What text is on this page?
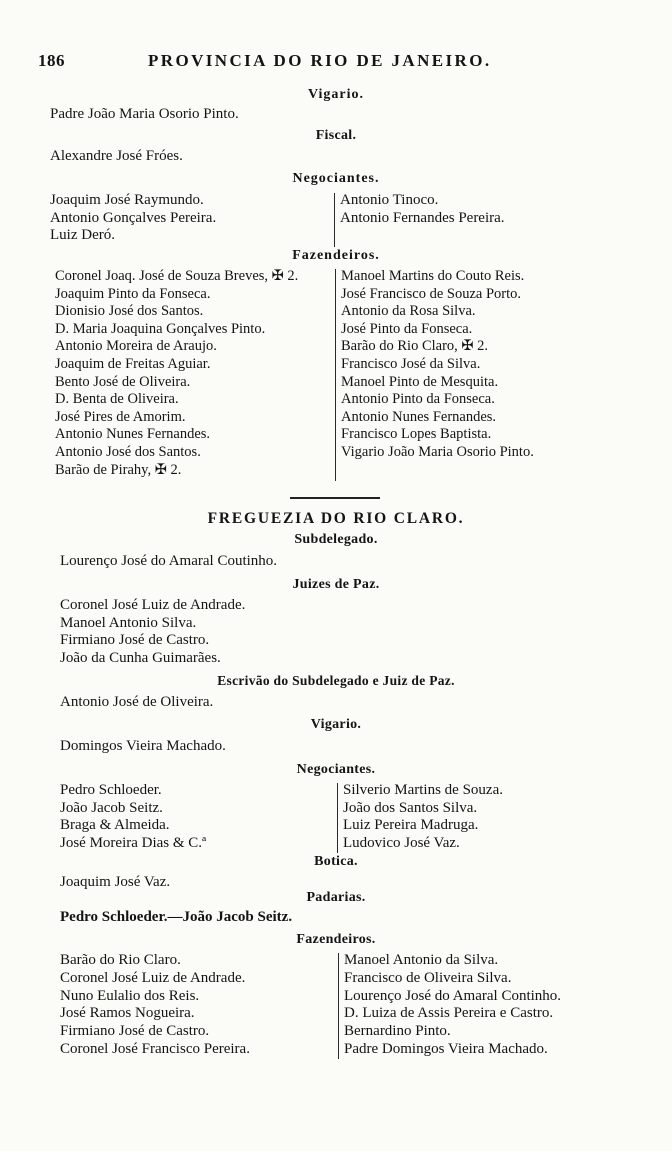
186	PROVINCIA DO RIO DE JANEIRO.
Vigario.
Padre João Maria Osorio Pinto.
Fiscal.
Alexandre José Fróes.
Negociantes.
Joaquim José Raymundo.
Antonio Gonçalves Pereira.
Luiz Deró.
Antonio Tinoco.
Antonio Fernandes Pereira.
Fazendeiros.
Coronel Joaq. José de Souza Breves, ✠ 2.
Joaquim Pinto da Fonseca.
Dionisio José dos Santos.
D. Maria Joaquina Gonçalves Pinto.
Antonio Moreira de Araujo.
Joaquim de Freitas Aguiar.
Bento José de Oliveira.
D. Benta de Oliveira.
José Pires de Amorim.
Antonio Nunes Fernandes.
Antonio José dos Santos.
Barão de Pirahy, ✠ 2.
Manoel Martins do Couto Reis.
José Francisco de Souza Porto.
Antonio da Rosa Silva.
José Pinto da Fonseca.
Barão do Rio Claro, ✠ 2.
Francisco José da Silva.
Manoel Pinto de Mesquita.
Antonio Pinto da Fonseca.
Antonio Nunes Fernandes.
Francisco Lopes Baptista.
Vigario João Maria Osorio Pinto.
FREGUEZIA DO RIO CLARO.
Subdelegado.
Lourenço José do Amaral Coutinho.
Juizes de Paz.
Coronel José Luiz de Andrade.
Manoel Antonio Silva.
Firmiano José de Castro.
João da Cunha Guimarães.
Escrivão do Subdelegado e Juiz de Paz.
Antonio José de Oliveira.
Vigario.
Domingos Vieira Machado.
Negociantes.
Pedro Schloeder.
João Jacob Seitz.
Braga & Almeida.
José Moreira Dias & C.ª
Silverio Martins de Souza.
João dos Santos Silva.
Luiz Pereira Madruga.
Ludovico José Vaz.
Botica.
Joaquim José Vaz.
Padarias.
Pedro Schloeder.—João Jacob Seitz.
Fazendeiros.
Barão do Rio Claro.
Coronel José Luiz de Andrade.
Nuno Eulalio dos Reis.
José Ramos Nogueira.
Firmiano José de Castro.
Coronel José Francisco Pereira.
Manoel Antonio da Silva.
Francisco de Oliveira Silva.
Lourenço José do Amaral Continho.
D. Luiza de Assis Pereira e Castro.
Bernardino Pinto.
Padre Domingos Vieira Machado.
